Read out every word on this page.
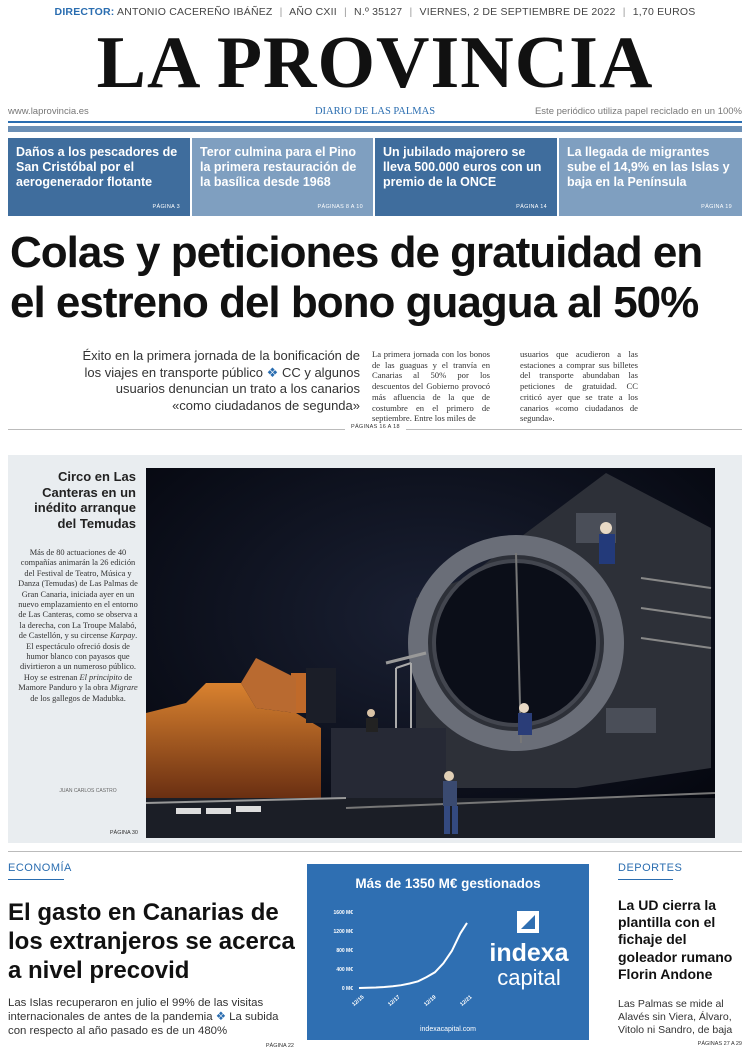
DIRECTOR: ANTONIO CACEREÑO IBÁÑEZ | AÑO CXII | N.º 35127 | VIERNES, 2 DE SEPTIEMBRE DE 2022 | 1,70 EUROS
LA PROVINCIA
www.laprovincia.es	DIARIO DE LAS PALMAS	Este periódico utiliza papel reciclado en un 100%
Daños a los pescadores de San Cristóbal por el aerogenerador flotante
PÁGINA 3
Teror culmina para el Pino la primera restauración de la basílica desde 1968
PÁGINAS 8 A 10
Un jubilado majorero se lleva 500.000 euros con un premio de la ONCE
PÁGINA 14
La llegada de migrantes sube el 14,9% en las Islas y baja en la Península
PÁGINA 19
Colas y peticiones de gratuidad en el estreno del bono guagua al 50%
Éxito en la primera jornada de la bonificación de los viajes en transporte público ❖ CC y algunos usuarios denuncian un trato a los canarios «como ciudadanos de segunda»
La primera jornada con los bonos de las guaguas y el tranvía en Canarias al 50% por los descuentos del Gobierno provocó más afluencia de la que de costumbre en el primero de septiembre. Entre los miles de
usuarios que acudieron a las estaciones a comprar sus billetes del transporte abundaban las peticiones de gratuidad. CC criticó ayer que se trate a los canarios «como ciudadanos de segunda».
PÁGINAS 16 A 18
Circo en Las Canteras en un inédito arranque del Temudas
Más de 80 actuaciones de 40 compañías animarán la 26 edición del Festival de Teatro, Música y Danza (Temudas) de Las Palmas de Gran Canaria, iniciada ayer en un nuevo emplazamiento en el entorno de Las Canteras, como se observa a la derecha, con La Troupe Malabó, de Castellón, y su circense Karpay. El espectáculo ofreció dosis de humor blanco con payasos que divirtieron a un numeroso público. Hoy se estrenan El principito de Mamore Panduro y la obra Migrare de los gallegos de Madubka.
JUAN CARLOS CASTRO
PÁGINA 30
ECONOMÍA
El gasto en Canarias de los extranjeros se acerca a nivel precovid
Las Islas recuperaron en julio el 99% de las visitas internacionales de antes de la pandemia ❖ La subida con respecto al año pasado es de un 480%
PÁGINA 22
Más de 1350 M€ gestionados
0 M€
400 M€
800 M€
1200 M€
1600 M€
12/15	12/17	12/19	12/21
indexa
capital
indexacapital.com
DEPORTES
La UD cierra la plantilla con el fichaje del goleador rumano Florin Andone
Las Palmas se mide al Alavés sin Viera, Álvaro, Vitolo ni Sandro, de baja
PÁGINAS 27 A 29
